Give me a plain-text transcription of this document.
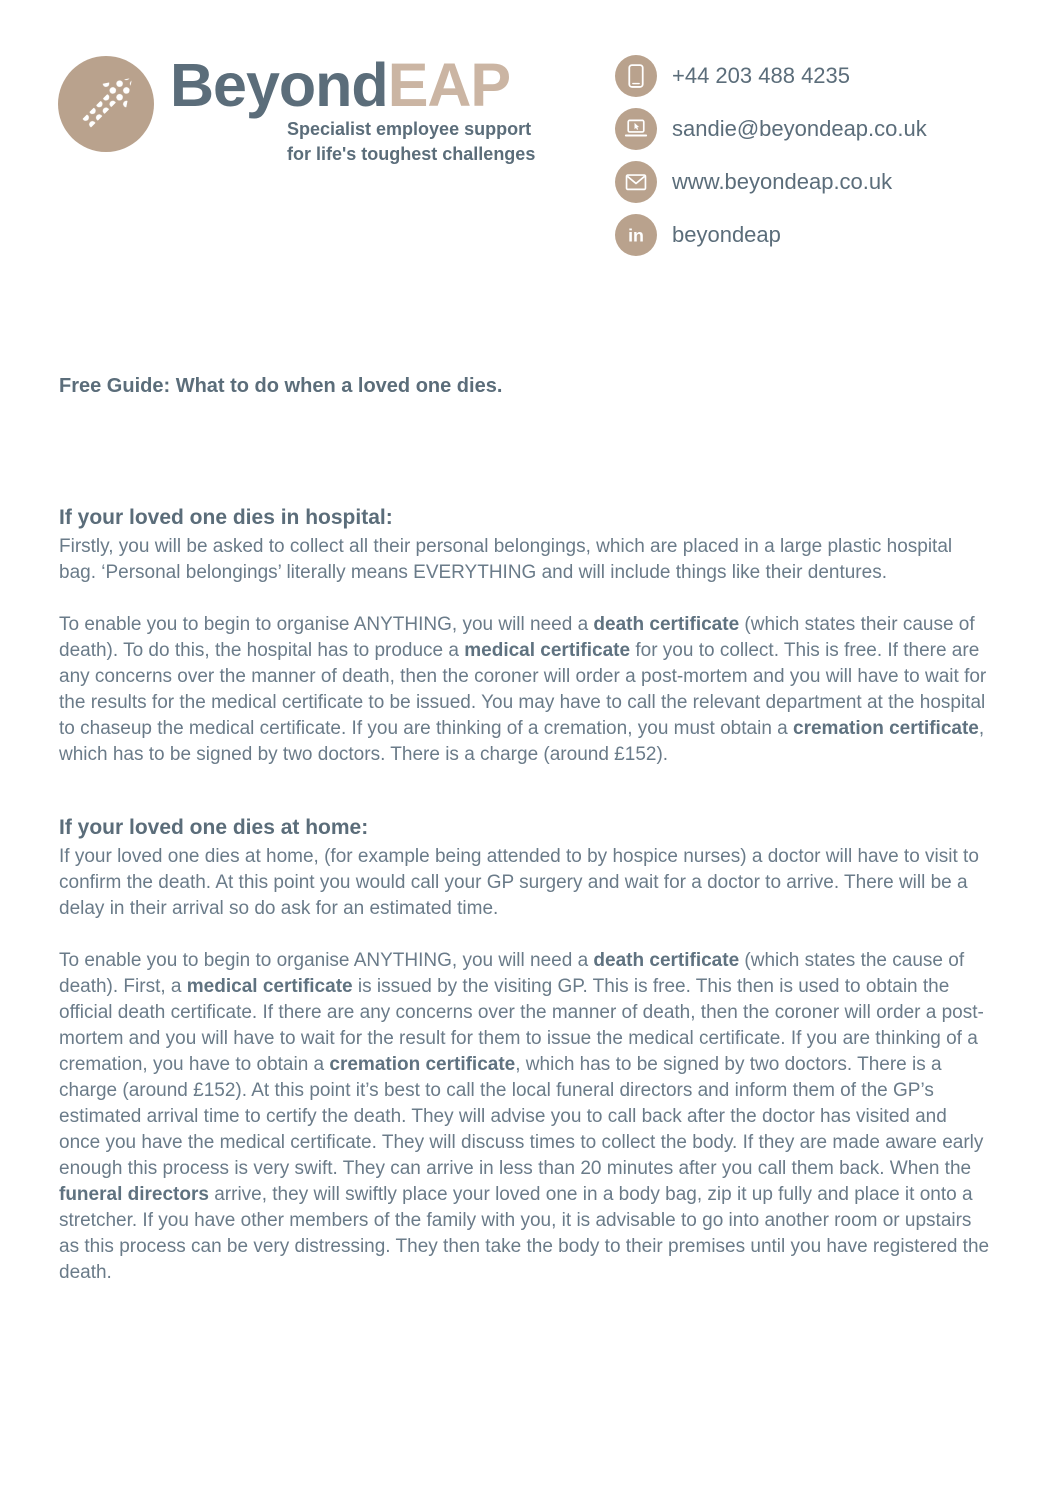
BeyondEAP
Specialist employee support
for life's toughest challenges
+44 203 488 4235
sandie@beyondeap.co.uk
www.beyondeap.co.uk
in beyondeap

Free Guide: What to do when a loved one dies.

If your loved one dies in hospital:

Firstly, you will be asked to collect all their personal belongings, which are placed in a large plastic hospital bag. ‘Personal belongings’ literally means EVERYTHING and will include things like their dentures.

To enable you to begin to organise ANYTHING, you will need a death certificate (which states their cause of death). To do this, the hospital has to produce a medical certificate for you to collect. This is free. If there are any concerns over the manner of death, then the coroner will order a post-mortem and you will have to wait for the results for the medical certificate to be issued. You may have to call the relevant department at the hospital to chaseup the medical certificate. If you are thinking of a cremation, you must obtain a cremation certificate, which has to be signed by two doctors. There is a charge (around £152).

If your loved one dies at home:

If your loved one dies at home, (for example being attended to by hospice nurses) a doctor will have to visit to confirm the death. At this point you would call your GP surgery and wait for a doctor to arrive. There will be a delay in their arrival so do ask for an estimated time.

To enable you to begin to organise ANYTHING, you will need a death certificate (which states the cause of death). First, a medical certificate is issued by the visiting GP. This is free. This then is used to obtain the official death certificate. If there are any concerns over the manner of death, then the coroner will order a post-mortem and you will have to wait for the result for them to issue the medical certificate. If you are thinking of a cremation, you have to obtain a cremation certificate, which has to be signed by two doctors. There is a charge (around £152). At this point it’s best to call the local funeral directors and inform them of the GP’s estimated arrival time to certify the death. They will advise you to call back after the doctor has visited and once you have the medical certificate. They will discuss times to collect the body. If they are made aware early enough this process is very swift. They can arrive in less than 20 minutes after you call them back. When the funeral directors arrive, they will swiftly place your loved one in a body bag, zip it up fully and place it onto a stretcher. If you have other members of the family with you, it is advisable to go into another room or upstairs as this process can be very distressing. They then take the body to their premises until you have registered the death.
